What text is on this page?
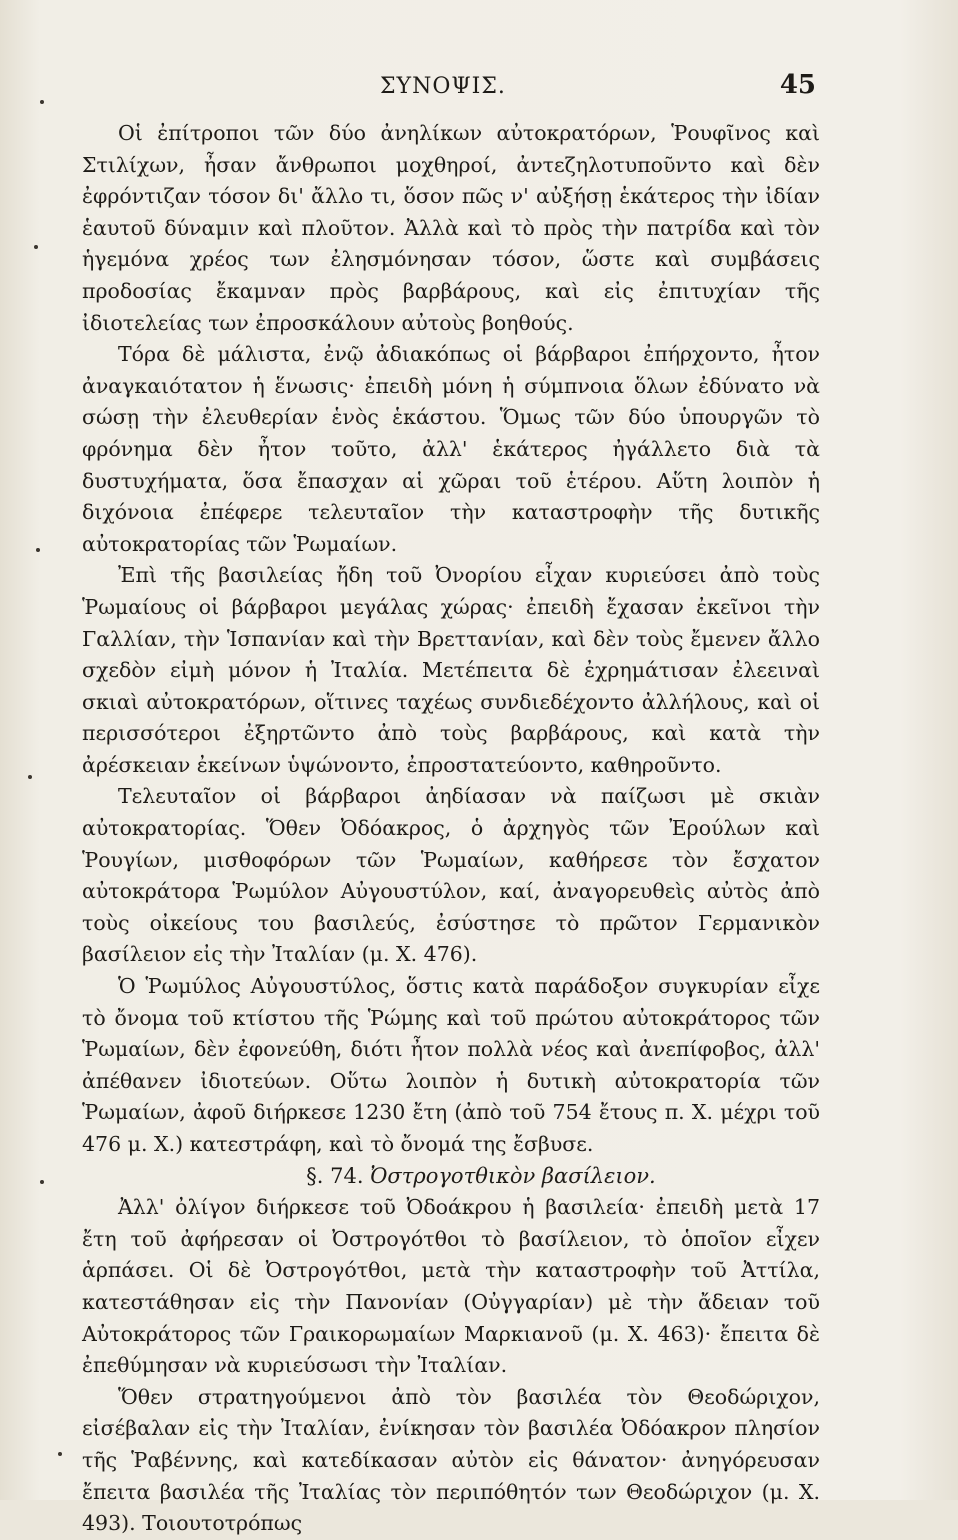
ΣΥΝΟΨΙΣ.	45

Οἱ ἐπίτροποι τῶν δύο ἀνηλίκων αὐτοκρατόρων, Ῥουφῖνος καὶ Στιλίχων, ἦσαν ἄνθρωποι μοχθηροί, ἀντεζηλοτυποῦντο καὶ δὲν ἐφρόντιζαν τόσον δι' ἄλλο τι, ὅσον πῶς ν' αὐξήσῃ ἑκάτερος τὴν ἰδίαν ἑαυτοῦ δύναμιν καὶ πλοῦτον. Ἀλλὰ καὶ τὸ πρὸς τὴν πατρίδα καὶ τὸν ἡγεμόνα χρέος των ἐλησμόνησαν τόσον, ὥστε καὶ συμβάσεις προδοσίας ἔκαμναν πρὸς βαρβάρους, καὶ εἰς ἐπιτυχίαν τῆς ἰδιοτελείας των ἐπροσκάλουν αὐτοὺς βοηθούς.

Τόρα δὲ μάλιστα, ἐνῷ ἀδιακόπως οἱ βάρβαροι ἐπήρχοντο, ἦτον ἀναγκαιότατον ἡ ἕνωσις· ἐπειδὴ μόνη ἡ σύμπνοια ὅλων ἐδύνατο νὰ σώσῃ τὴν ἐλευθερίαν ἑνὸς ἑκάστου. Ὅμως τῶν δύο ὑπουργῶν τὸ φρόνημα δὲν ἦτον τοῦτο, ἀλλ' ἑκάτερος ἠγάλλετο διὰ τὰ δυστυχήματα, ὅσα ἔπασχαν αἱ χῶραι τοῦ ἑτέρου. Αὕτη λοιπὸν ἡ διχόνοια ἐπέφερε τελευταῖον τὴν καταστροφὴν τῆς δυτικῆς αὐτοκρατορίας τῶν Ῥωμαίων.

Ἐπὶ τῆς βασιλείας ἤδη τοῦ Ὀνορίου εἶχαν κυριεύσει ἀπὸ τοὺς Ῥωμαίους οἱ βάρβαροι μεγάλας χώρας· ἐπειδὴ ἔχασαν ἐκεῖνοι τὴν Γαλλίαν, τὴν Ἱσπανίαν καὶ τὴν Βρεττανίαν, καὶ δὲν τοὺς ἔμενεν ἄλλο σχεδὸν εἰμὴ μόνον ἡ Ἰταλία. Μετέπειτα δὲ ἐχρημάτισαν ἐλεειναὶ σκιαὶ αὐτοκρατόρων, οἵτινες ταχέως συνδιεδέχοντο ἀλλήλους, καὶ οἱ περισσότεροι ἐξηρτῶντο ἀπὸ τοὺς βαρβάρους, καὶ κατὰ τὴν ἀρέσκειαν ἐκείνων ὑψώνοντο, ἐπροστατεύοντο, καθηροῦντο.

Τελευταῖον οἱ βάρβαροι ἀηδίασαν νὰ παίζωσι μὲ σκιὰν αὐτοκρατορίας. Ὅθεν Ὀδόακρος, ὁ ἀρχηγὸς τῶν Ἐρούλων καὶ Ῥουγίων, μισθοφόρων τῶν Ῥωμαίων, καθήρεσε τὸν ἔσχατον αὐτοκράτορα Ῥωμύλον Αὐγουστύλον, καί, ἀναγορευθεὶς αὐτὸς ἀπὸ τοὺς οἰκείους του βασιλεύς, ἐσύστησε τὸ πρῶτον Γερμανικὸν βασίλειον εἰς τὴν Ἰταλίαν (μ. Χ. 476).

Ὁ Ῥωμύλος Αὐγουστύλος, ὅστις κατὰ παράδοξον συγκυρίαν εἶχε τὸ ὄνομα τοῦ κτίστου τῆς Ῥώμης καὶ τοῦ πρώτου αὐτοκράτορος τῶν Ῥωμαίων, δὲν ἐφονεύθη, διότι ἦτον πολλὰ νέος καὶ ἀνεπίφοβος, ἀλλ' ἀπέθανεν ἰδιοτεύων. Οὕτω λοιπὸν ἡ δυτικὴ αὐτοκρατορία τῶν Ῥωμαίων, ἀφοῦ διήρκεσε 1230 ἔτη (ἀπὸ τοῦ 754 ἔτους π. Χ. μέχρι τοῦ 476 μ. Χ.) κατεστράφη, καὶ τὸ ὄνομά της ἔσβυσε.

§. 74. Ὀστρογοτθικὸν βασίλειον.

Ἀλλ' ὀλίγον διήρκεσε τοῦ Ὀδοάκρου ἡ βασιλεία· ἐπειδὴ μετὰ 17 ἔτη τοῦ ἀφήρεσαν οἱ Ὀστρογότθοι τὸ βασίλειον, τὸ ὁποῖον εἶχεν ἁρπάσει. Οἱ δὲ Ὀστρογότθοι, μετὰ τὴν καταστροφὴν τοῦ Ἀττίλα, κατεστάθησαν εἰς τὴν Πανονίαν (Οὐγγαρίαν) μὲ τὴν ἄδειαν τοῦ Αὐτοκράτορος τῶν Γραικορωμαίων Μαρκιανοῦ (μ. Χ. 463)· ἔπειτα δὲ ἐπεθύμησαν νὰ κυριεύσωσι τὴν Ἰταλίαν.

Ὅθεν στρατηγούμενοι ἀπὸ τὸν βασιλέα τὸν Θεοδώριχον, εἰσέβαλαν εἰς τὴν Ἰταλίαν, ἐνίκησαν τὸν βασιλέα Ὀδόακρον πλησίον τῆς Ῥαβέννης, καὶ κατεδίκασαν αὐτὸν εἰς θάνατον· ἀνηγόρευσαν ἔπειτα βασιλέα τῆς Ἰταλίας τὸν περιπόθητόν των Θεοδώριχον (μ. Χ. 493). Τοιουτοτρόπως
